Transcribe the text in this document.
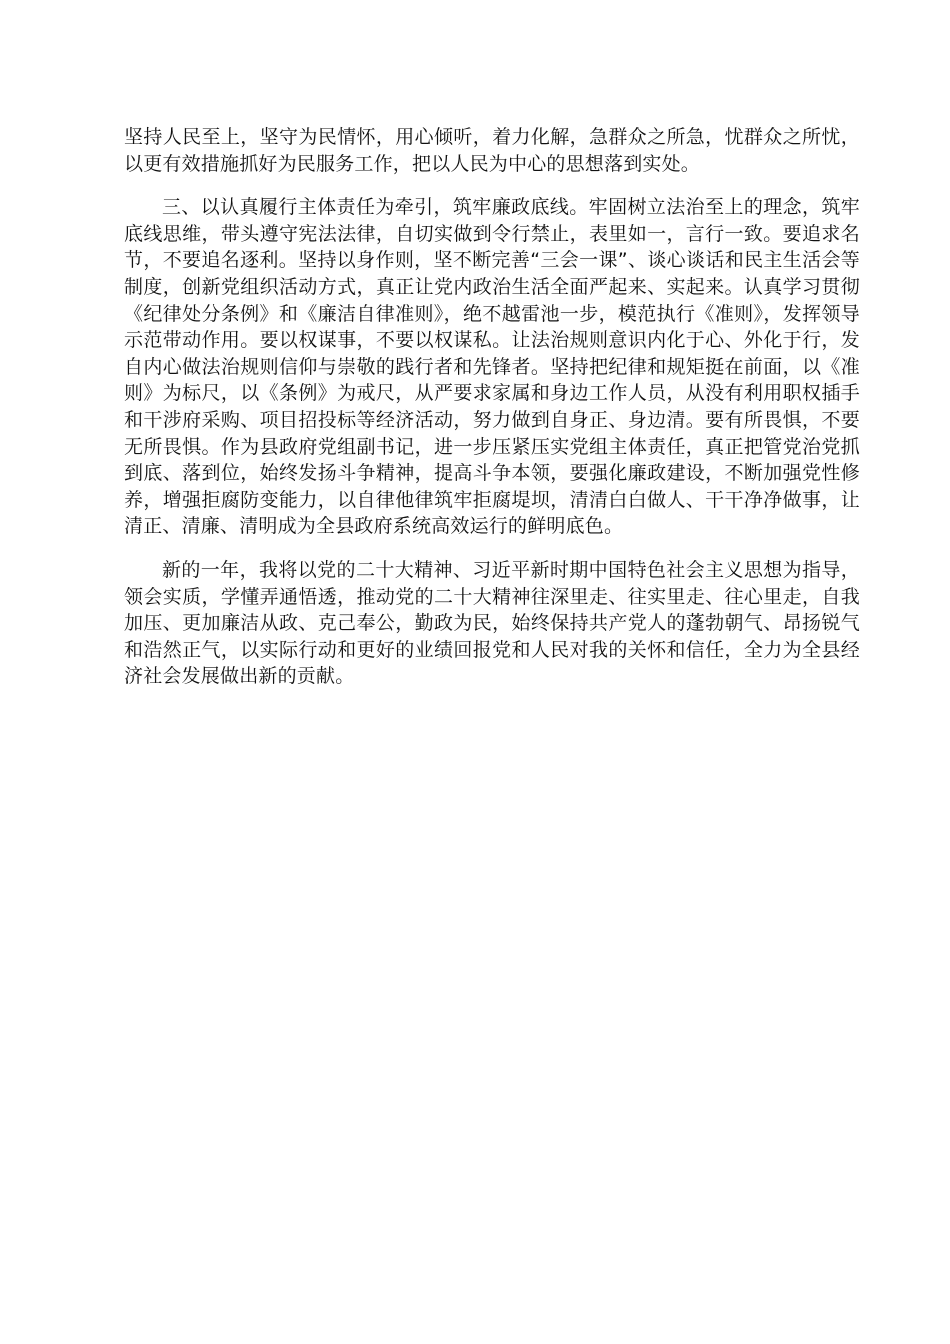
坚持人民至上，坚守为民情怀，用心倾听，着力化解，急群众之所急，忧群众之所忧，以更有效措施抓好为民服务工作，把以人民为中心的思想落到实处。

三、以认真履行主体责任为牵引，筑牢廉政底线。牢固树立法治至上的理念，筑牢底线思维，带头遵守宪法法律，自切实做到令行禁止，表里如一，言行一致。要追求名节，不要追名逐利。坚持以身作则，坚不断完善“三会一课”、谈心谈话和民主生活会等制度，创新党组织活动方式，真正让党内政治生活全面严起来、实起来。认真学习贯彻《纪律处分条例》和《廉洁自律准则》，绝不越雷池一步，模范执行《准则》，发挥领导示范带动作用。要以权谋事，不要以权谋私。让法治规则意识内化于心、外化于行，发自内心做法治规则信仰与崇敬的践行者和先锋者。坚持把纪律和规矩挺在前面，以《准则》为标尺，以《条例》为戒尺，从严要求家属和身边工作人员，从没有利用职权插手和干涉府采购、项目招投标等经济活动，努力做到自身正、身边清。要有所畏惧，不要无所畏惧。作为县政府党组副书记，进一步压紧压实党组主体责任，真正把管党治党抓到底、落到位，始终发扬斗争精神，提高斗争本领，要强化廉政建设，不断加强党性修养，增强拒腐防变能力，以自律他律筑牢拒腐堤坝，清清白白做人、干干净净做事，让清正、清廉、清明成为全县政府系统高效运行的鲜明底色。

新的一年，我将以党的二十大精神、习近平新时期中国特色社会主义思想为指导，领会实质，学懂弄通悟透，推动党的二十大精神往深里走、往实里走、往心里走，自我加压、更加廉洁从政、克己奉公，勤政为民，始终保持共产党人的蓬勃朝气、昂扬锐气和浩然正气，以实际行动和更好的业绩回报党和人民对我的关怀和信任，全力为全县经济社会发展做出新的贡献。
